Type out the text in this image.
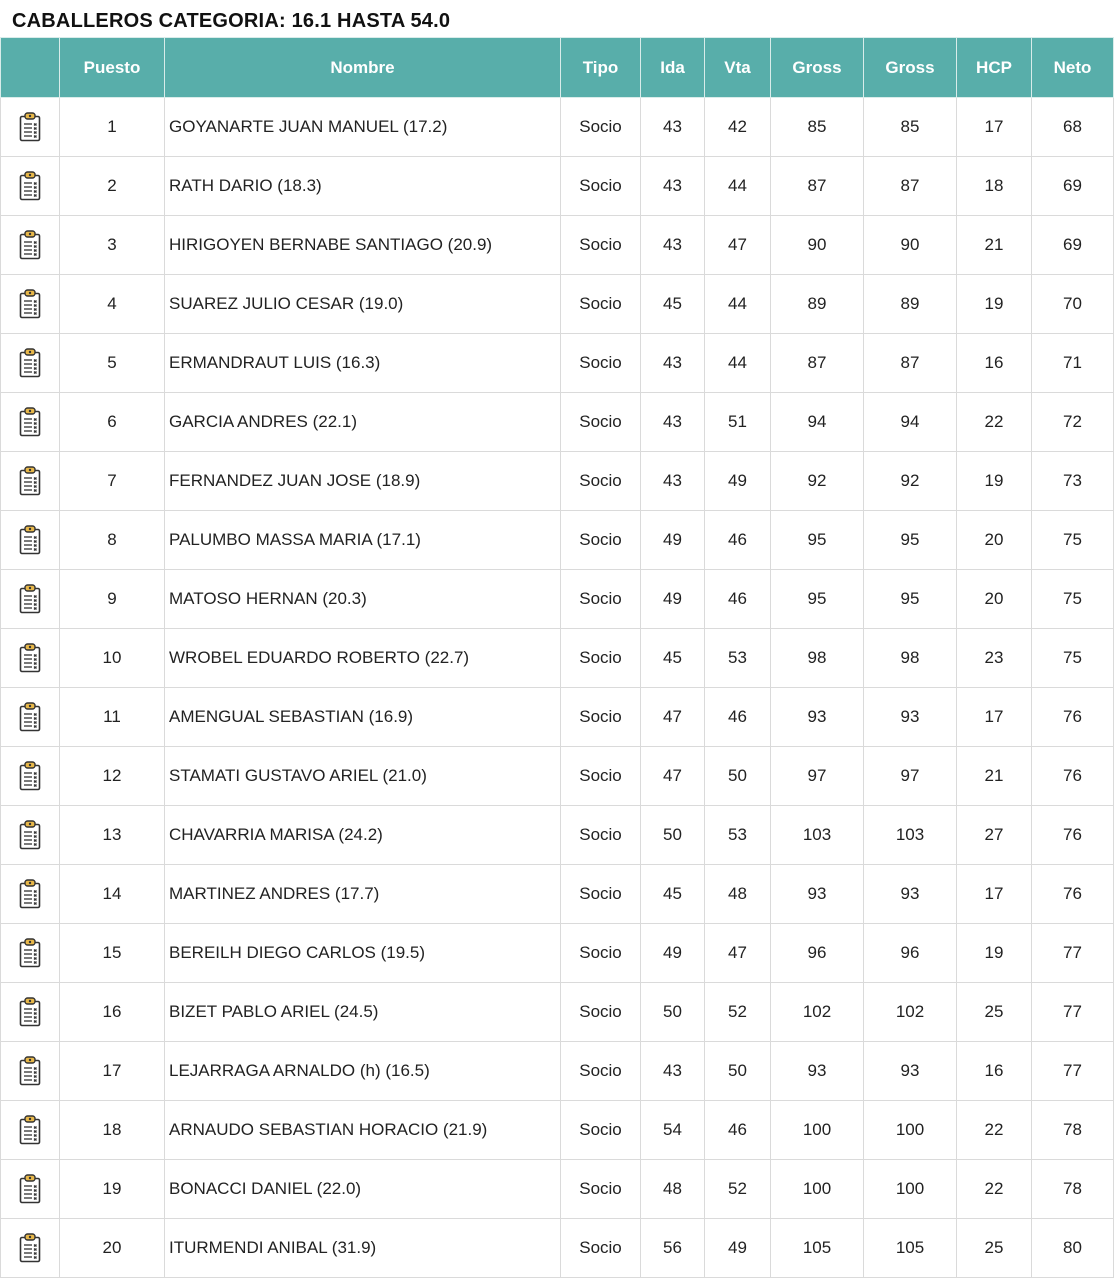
CABALLEROS CATEGORIA: 16.1 HASTA 54.0
	Puesto	Nombre	Tipo	Ida	Vta	Gross	Gross	HCP	Neto
	1	GOYANARTE JUAN MANUEL (17.2)	Socio	43	42	85	85	17	68
	2	RATH DARIO (18.3)	Socio	43	44	87	87	18	69
	3	HIRIGOYEN BERNABE SANTIAGO (20.9)	Socio	43	47	90	90	21	69
	4	SUAREZ JULIO CESAR (19.0)	Socio	45	44	89	89	19	70
	5	ERMANDRAUT LUIS (16.3)	Socio	43	44	87	87	16	71
	6	GARCIA ANDRES (22.1)	Socio	43	51	94	94	22	72
	7	FERNANDEZ JUAN JOSE (18.9)	Socio	43	49	92	92	19	73
	8	PALUMBO MASSA MARIA (17.1)	Socio	49	46	95	95	20	75
	9	MATOSO HERNAN (20.3)	Socio	49	46	95	95	20	75
	10	WROBEL EDUARDO ROBERTO (22.7)	Socio	45	53	98	98	23	75
	11	AMENGUAL SEBASTIAN (16.9)	Socio	47	46	93	93	17	76
	12	STAMATI GUSTAVO ARIEL (21.0)	Socio	47	50	97	97	21	76
	13	CHAVARRIA MARISA (24.2)	Socio	50	53	103	103	27	76
	14	MARTINEZ ANDRES (17.7)	Socio	45	48	93	93	17	76
	15	BEREILH DIEGO CARLOS (19.5)	Socio	49	47	96	96	19	77
	16	BIZET PABLO ARIEL (24.5)	Socio	50	52	102	102	25	77
	17	LEJARRAGA ARNALDO (h) (16.5)	Socio	43	50	93	93	16	77
	18	ARNAUDO SEBASTIAN HORACIO (21.9)	Socio	54	46	100	100	22	78
	19	BONACCI DANIEL (22.0)	Socio	48	52	100	100	22	78
	20	ITURMENDI ANIBAL (31.9)	Socio	56	49	105	105	25	80
